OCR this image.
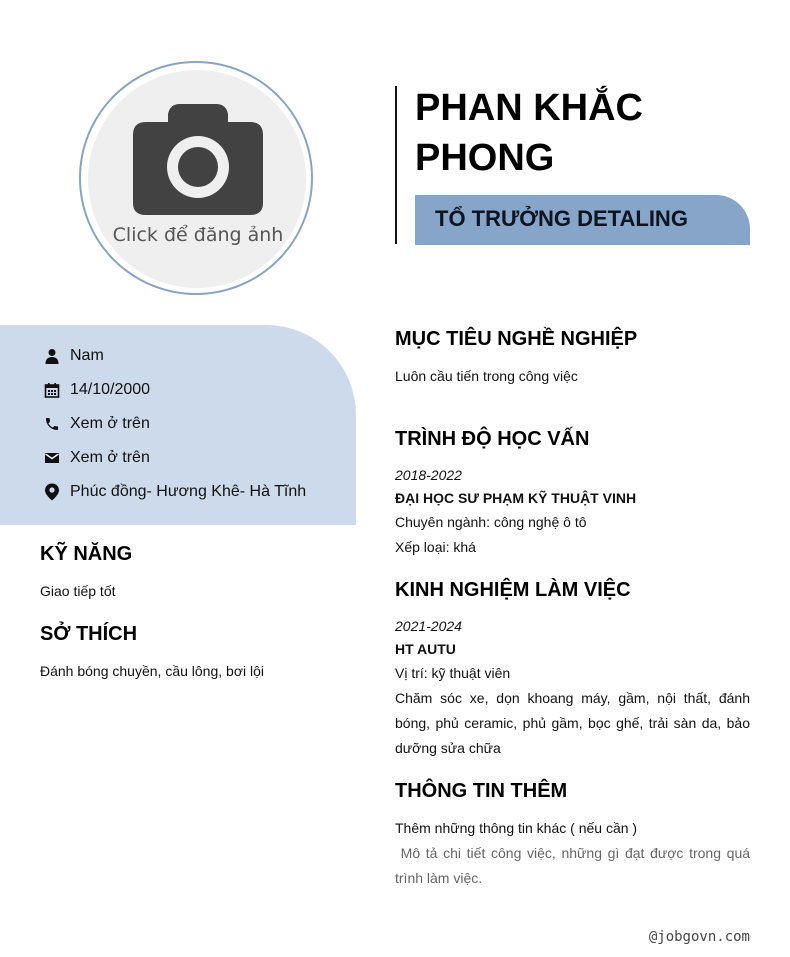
Click để đăng ảnh
PHAN KHẮC
PHONG
TỔ TRƯỞNG DETALING
Nam
14/10/2000
Xem ở trên
Xem ở trên
Phúc đồng- Hương Khê- Hà Tĩnh
KỸ NĂNG
Giao tiếp tốt
SỞ THÍCH
Đánh bóng chuyền, cầu lông, bơi lội
MỤC TIÊU NGHỀ NGHIỆP
Luôn cầu tiến trong công việc
TRÌNH ĐỘ HỌC VẤN
2018-2022
ĐẠI HỌC SƯ PHẠM KỸ THUẬT VINH
Chuyên ngành: công nghệ ô tô
Xếp loại: khá
KINH NGHIỆM LÀM VIỆC
2021-2024
HT AUTU
Vị trí: kỹ thuật viên
Chăm sóc xe, dọn khoang máy, gầm, nội thất, đánh bóng, phủ ceramic, phủ gầm, bọc ghế, trải sàn da, bảo dưỡng sửa chữa
THÔNG TIN THÊM
Thêm những thông tin khác ( nếu cần )
Mô tả chi tiết công việc, những gì đạt được trong quá trình làm việc.
@jobgovn.com
